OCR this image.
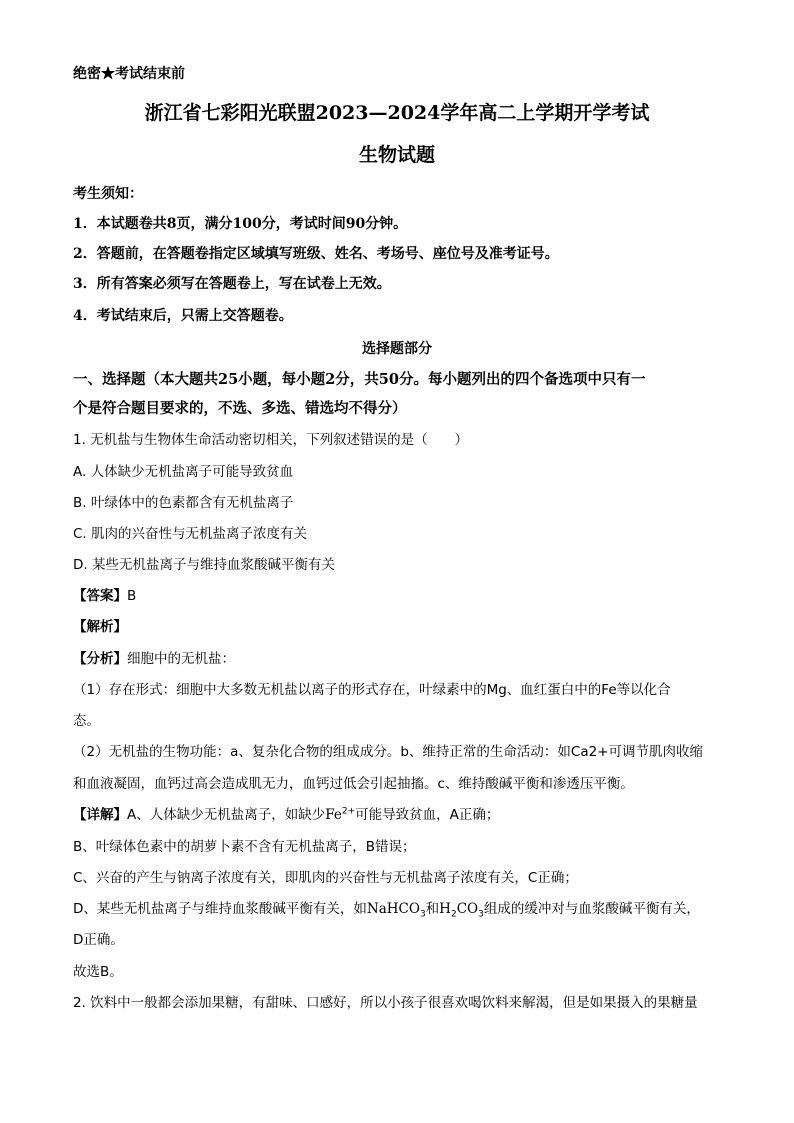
绝密★考试结束前
浙江省七彩阳光联盟2023—2024学年高二上学期开学考试
生物试题
考生须知：
1．本试题卷共8页，满分100分，考试时间90分钟。
2．答题前，在答题卷指定区域填写班级、姓名、考场号、座位号及准考证号。
3．所有答案必须写在答题卷上，写在试卷上无效。
4．考试结束后，只需上交答题卷。
选择题部分
一、选择题（本大题共25小题，每小题2分，共50分。每小题列出的四个备选项中只有一
个是符合题目要求的，不选、多选、错选均不得分）
1. 无机盐与生物体生命活动密切相关，下列叙述错误的是（　　）
A. 人体缺少无机盐离子可能导致贫血
B. 叶绿体中的色素都含有无机盐离子
C. 肌肉的兴奋性与无机盐离子浓度有关
D. 某些无机盐离子与维持血浆酸碱平衡有关
【答案】B
【解析】
【分析】细胞中的无机盐：
（1）存在形式：细胞中大多数无机盐以离子的形式存在，叶绿素中的Mg、血红蛋白中的Fe等以化合
态。
（2）无机盐的生物功能：a、复杂化合物的组成成分。b、维持正常的生命活动：如Ca2+可调节肌肉收缩
和血液凝固，血钙过高会造成肌无力，血钙过低会引起抽搐。c、维持酸碱平衡和渗透压平衡。
【详解】A、人体缺少无机盐离子，如缺少$Fe^{2+}$可能导致贫血，A正确；
B、叶绿体色素中的胡萝卜素不含有无机盐离子，B错误；
C、兴奋的产生与钠离子浓度有关，即肌肉的兴奋性与无机盐离子浓度有关，C正确；
D、某些无机盐离子与维持血浆酸碱平衡有关，如NaHCO$_3$和$H_2CO_3$组成的缓冲对与血浆酸碱平衡有关，
D正确。
故选B。
2. 饮料中一般都会添加果糖，有甜味、口感好，所以小孩子很喜欢喝饮料来解渴，但是如果摄入的果糖量
